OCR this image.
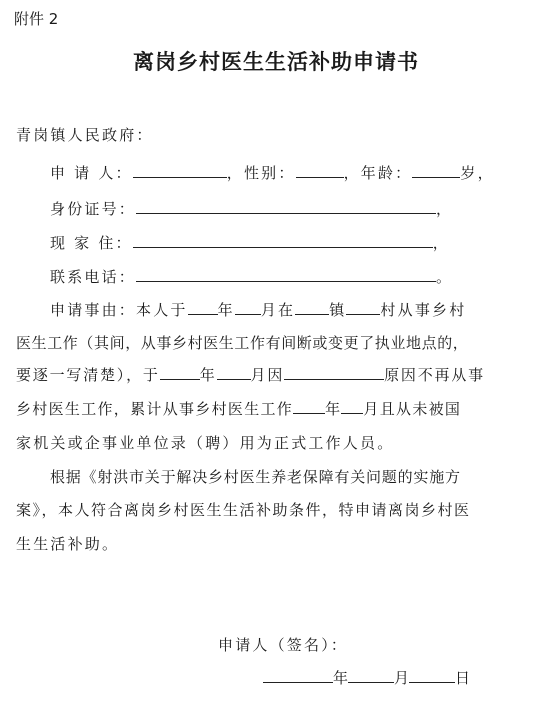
附件 2
离岗乡村医生生活补助申请书
青岗镇人民政府：
申 请 人：	，性别：	，年龄：	岁，
身份证号：	，
现 家 住：	，
联系电话：	。
申请事由：本人于 年 月在 镇 村从事乡村
医生工作（其间，从事乡村医生工作有间断或变更了执业地点的，
要逐一写清楚），于	年 月因	原因不再从事
乡村医生工作，累计从事乡村医生工作 年 月且从未被国
家机关或企事业单位录（聘）用为正式工作人员。
根据《射洪市关于解决乡村医生养老保障有关问题的实施方
案》，本人符合离岗乡村医生生活补助条件，特申请离岗乡村医
生生活补助。
申请人（签名）：
年	月	日
